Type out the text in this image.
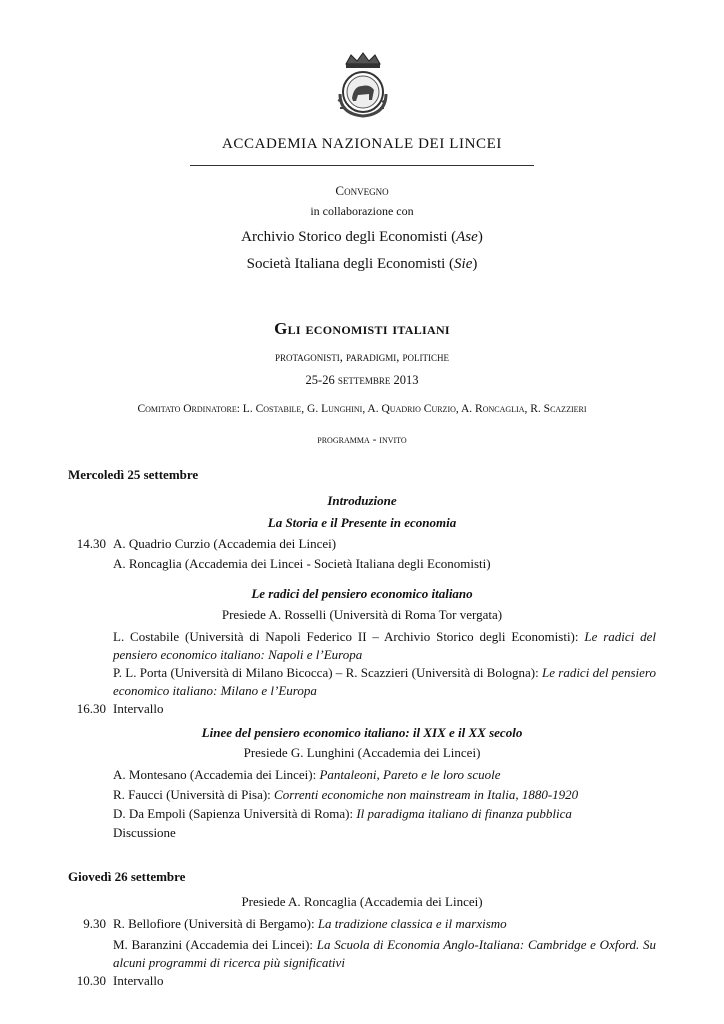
ACCADEMIA NAZIONALE DEI LINCEI
Convegno
in collaborazione con
Archivio Storico degli Economisti (Ase)
Società Italiana degli Economisti (Sie)
Gli economisti italiani
protagonisti, paradigmi, politiche
25-26 settembre 2013
Comitato Ordinatore: L. Costabile, G. Lunghini, A. Quadrio Curzio, A. Roncaglia, R. Scazzieri
programma - invito
Mercoledì 25 settembre
Introduzione
La Storia e il Presente in economia
14.30 A. Quadrio Curzio (Accademia dei Lincei)
A. Roncaglia (Accademia dei Lincei - Società Italiana degli Economisti)
Le radici del pensiero economico italiano
Presiede A. Rosselli (Università di Roma Tor vergata)
L. Costabile (Università di Napoli Federico II – Archivio Storico degli Economisti): Le radici del pensiero economico italiano: Napoli e l’Europa
P. L. Porta (Università di Milano Bicocca) – R. Scazzieri (Università di Bologna): Le radici del pensiero economico italiano: Milano e l’Europa
16.30 Intervallo
Linee del pensiero economico italiano: il XIX e il XX secolo
Presiede G. Lunghini (Accademia dei Lincei)
A. Montesano (Accademia dei Lincei): Pantaleoni, Pareto e le loro scuole
R. Faucci (Università di Pisa): Correnti economiche non mainstream in Italia, 1880-1920
D. Da Empoli (Sapienza Università di Roma): Il paradigma italiano di finanza pubblica
Discussione
Giovedì 26 settembre
Presiede A. Roncaglia (Accademia dei Lincei)
9.30 R. Bellofiore (Università di Bergamo): La tradizione classica e il marxismo
M. Baranzini (Accademia dei Lincei): La Scuola di Economia Anglo-Italiana: Cambridge e Oxford. Su alcuni programmi di ricerca più significativi
10.30 Intervallo
